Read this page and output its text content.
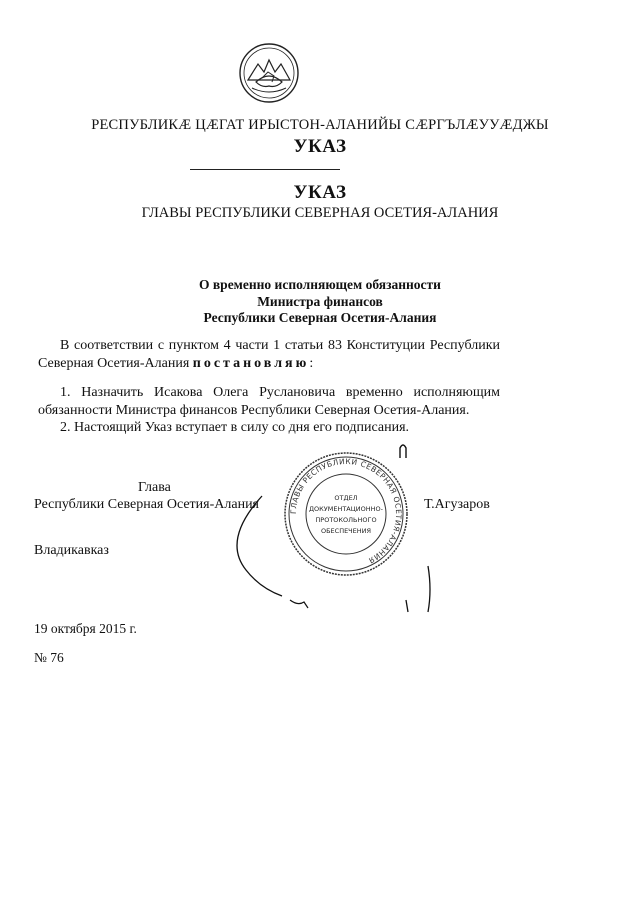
РЕСПУБЛИКӔ ЦӔГАТ ИРЫСТОН-АЛАНИЙЫ СӔРГЪЛӔУУӔДЖЫ
УКАЗ
УКАЗ
ГЛАВЫ РЕСПУБЛИКИ СЕВЕРНАЯ ОСЕТИЯ-АЛАНИЯ
О временно исполняющем обязанности
Министра финансов
Республики Северная Осетия-Алания
В соответствии с пунктом 4 части 1 статьи 83 Конституции Республики Северная Осетия-Алания постановляю:
1. Назначить Исакова Олега Руслановича временно исполняющим обязанности Министра финансов Республики Северная Осетия-Алания.
2. Настоящий Указ вступает в силу со дня его подписания.
Глава
Республики Северная Осетия-Алания	Т.Агузаров
ГЛАВЫ РЕСПУБЛИКИ СЕВЕРНАЯ ОСЕТИЯ-АЛАНИЯ
ОТДЕЛ
ДОКУМЕНТАЦИОННО-
ПРОТОКОЛЬНОГО
ОБЕСПЕЧЕНИЯ
Владикавказ
19 октября 2015 г.
№ 76
